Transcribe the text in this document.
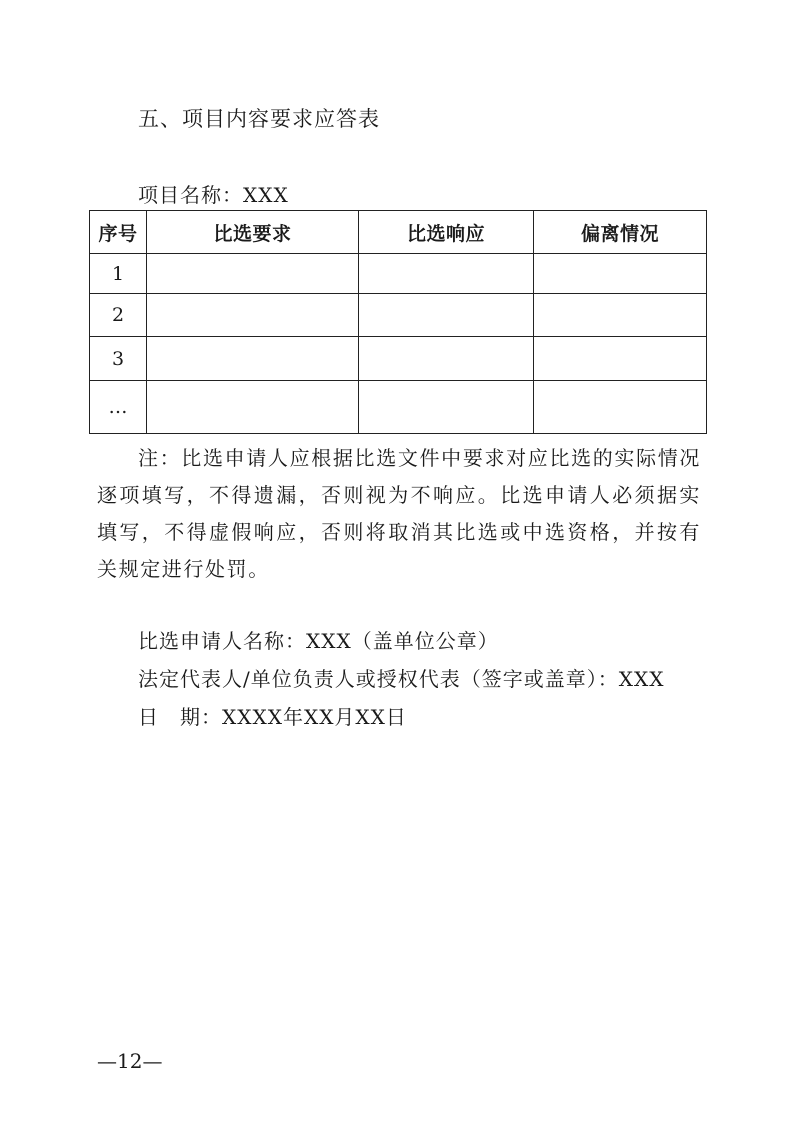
五、项目内容要求应答表
项目名称：XXX
序号	比选要求	比选响应	偏离情况
1			
2			
3			
…			
注：比选申请人应根据比选文件中要求对应比选的实际情况逐项填写，不得遗漏，否则视为不响应。比选申请人必须据实填写，不得虚假响应，否则将取消其比选或中选资格，并按有关规定进行处罚。
比选申请人名称：XXX（盖单位公章）
法定代表人/单位负责人或授权代表（签字或盖章）：XXX
日　期：XXXX年XX月XX日
—12—
